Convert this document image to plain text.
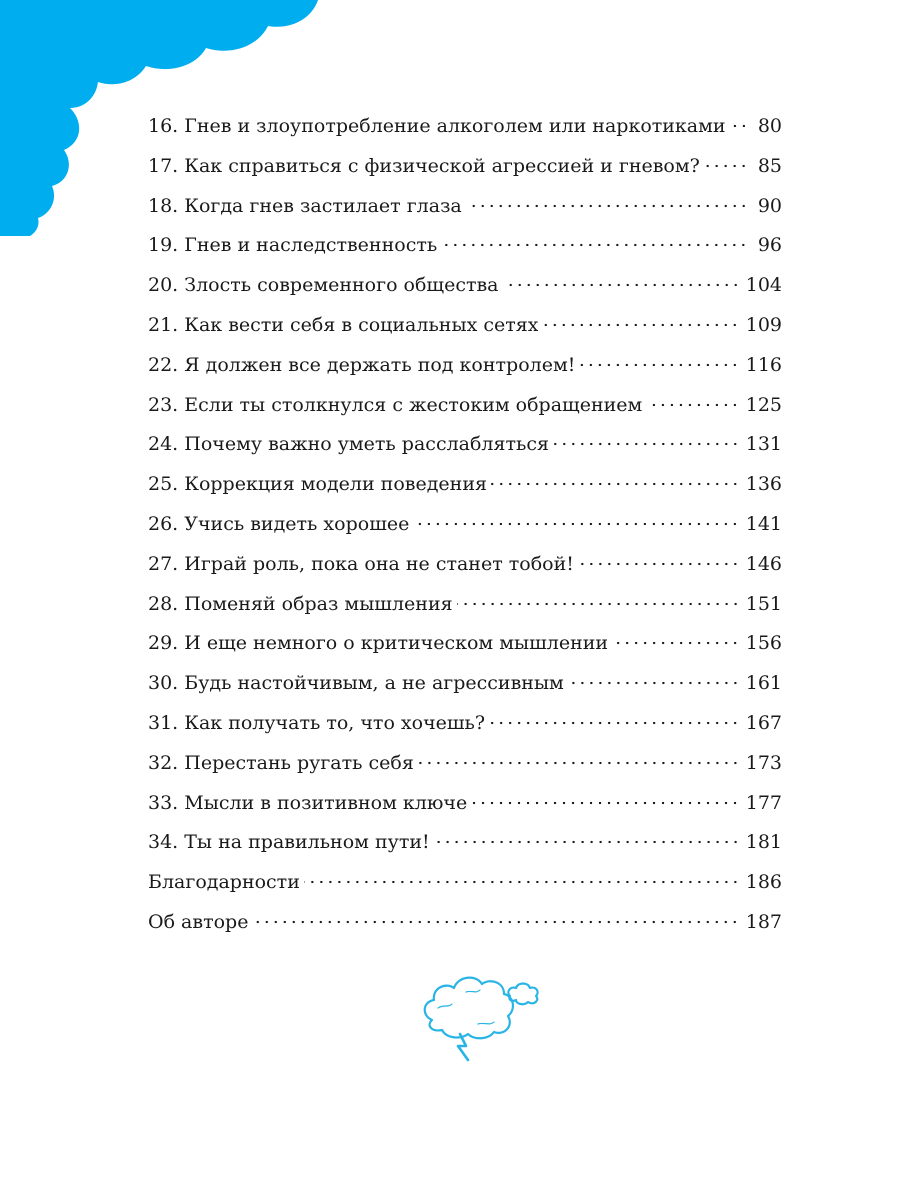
16. Гнев и злоупотребление алкоголем или наркотиками 80
17. Как справиться с физической агрессией и гневом?	85
18. Когда гнев застилает глаза	90
19. Гнев и наследственность	96
20. Злость современного общества	104
21. Как вести себя в социальных сетях	109
22. Я должен все держать под контролем!	116
23. Если ты столкнулся с жестоким обращением	125
24. Почему важно уметь расслабляться	131
25. Коррекция модели поведения	136
26. Учись видеть хорошее	141
27. Играй роль, пока она не станет тобой!	146
28. Поменяй образ мышления	151
29. И еще немного о критическом мышлении	156
30. Будь настойчивым, а не агрессивным	161
31. Как получать то, что хочешь?	167
32. Перестань ругать себя	173
33. Мысли в позитивном ключе	177
34. Ты на правильном пути!	181
Благодарности	186
Об авторе	187
